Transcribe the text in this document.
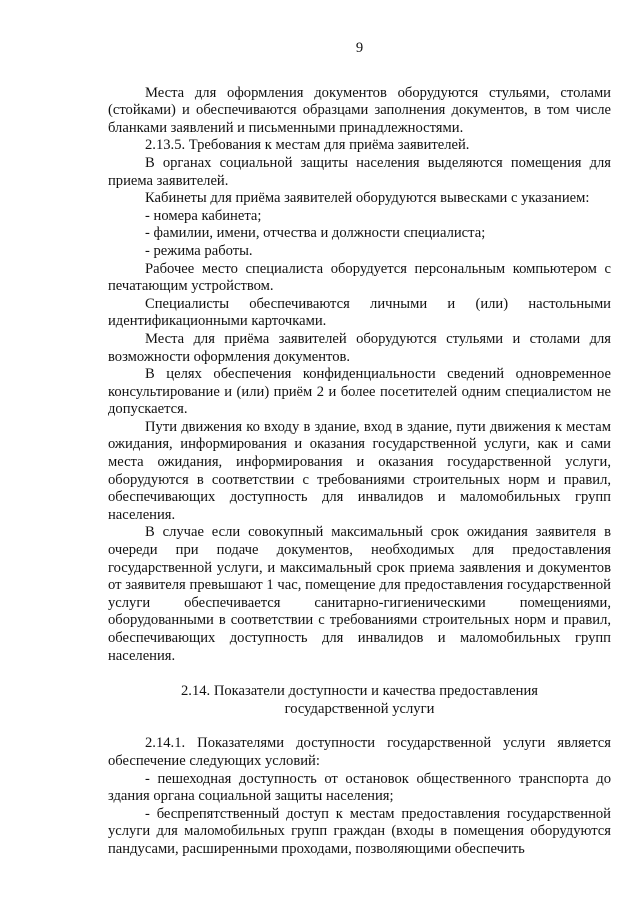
9

Места для оформления документов оборудуются стульями, столами (стойками) и обеспечиваются образцами заполнения документов, в том числе бланками заявлений и письменными принадлежностями.

2.13.5. Требования к местам для приёма заявителей.

В органах социальной защиты населения выделяются помещения для приема заявителей.

Кабинеты для приёма заявителей оборудуются вывесками с указанием:

- номера кабинета;

- фамилии, имени, отчества и должности специалиста;

- режима работы.

Рабочее место специалиста оборудуется персональным компьютером с печатающим устройством.

Специалисты обеспечиваются личными и (или) настольными идентификационными карточками.

Места для приёма заявителей оборудуются стульями и столами для возможности оформления документов.

В целях обеспечения конфиденциальности сведений одновременное консультирование и (или) приём 2 и более посетителей одним специалистом не допускается.

Пути движения ко входу в здание, вход в здание, пути движения к местам ожидания, информирования и оказания государственной услуги, как и сами места ожидания, информирования и оказания государственной услуги, оборудуются в соответствии с требованиями строительных норм и правил, обеспечивающих доступность для инвалидов и маломобильных групп населения.

В случае если совокупный максимальный срок ожидания заявителя в очереди при подаче документов, необходимых для предоставления государственной услуги, и максимальный срок приема заявления и документов от заявителя превышают 1 час, помещение для предоставления государственной услуги обеспечивается санитарно-гигиеническими помещениями, оборудованными в соответствии с требованиями строительных норм и правил, обеспечивающих доступность для инвалидов и маломобильных групп населения.

2.14. Показатели доступности и качества предоставления
государственной услуги

2.14.1. Показателями доступности государственной услуги является обеспечение следующих условий:

- пешеходная доступность от остановок общественного транспорта до здания органа социальной защиты населения;

- беспрепятственный доступ к местам предоставления государственной услуги для маломобильных групп граждан (входы в помещения оборудуются пандусами, расширенными проходами, позволяющими обеспечить
